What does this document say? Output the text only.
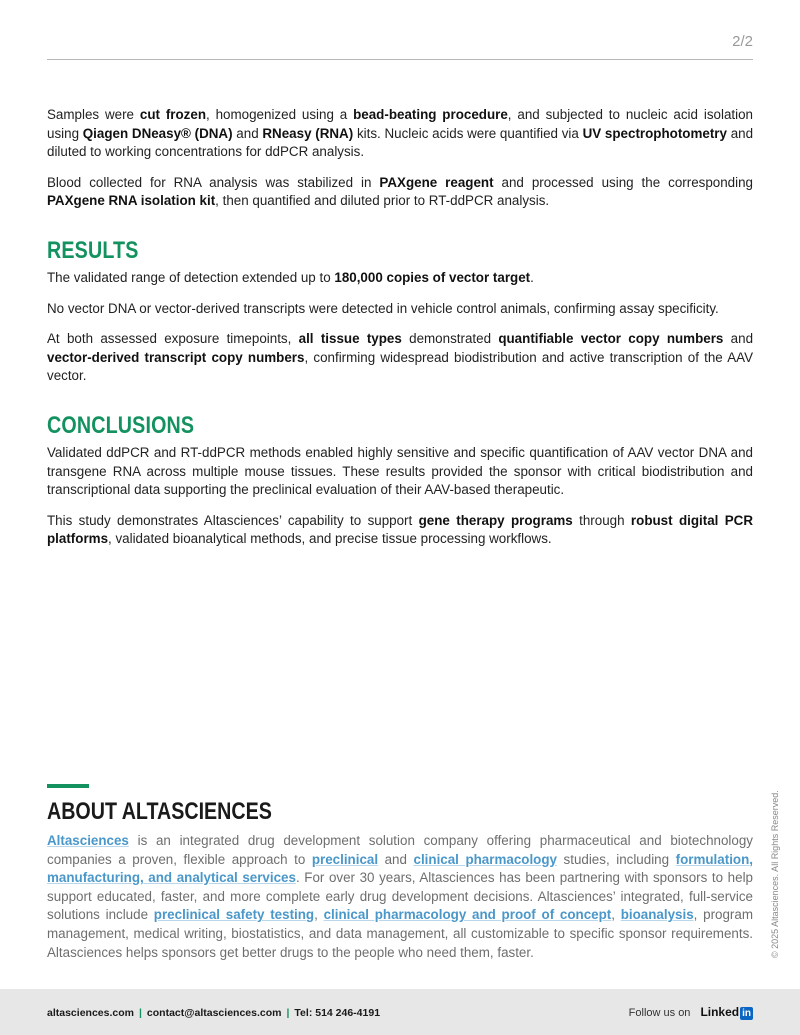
2/2

Samples were cut frozen, homogenized using a bead-beating procedure, and subjected to nucleic acid isolation using Qiagen DNeasy® (DNA) and RNeasy (RNA) kits. Nucleic acids were quantified via UV spectrophotometry and diluted to working concentrations for ddPCR analysis.

Blood collected for RNA analysis was stabilized in PAXgene reagent and processed using the corresponding PAXgene RNA isolation kit, then quantified and diluted prior to RT-ddPCR analysis.

RESULTS

The validated range of detection extended up to 180,000 copies of vector target.

No vector DNA or vector-derived transcripts were detected in vehicle control animals, confirming assay specificity.

At both assessed exposure timepoints, all tissue types demonstrated quantifiable vector copy numbers and vector-derived transcript copy numbers, confirming widespread biodistribution and active transcription of the AAV vector.

CONCLUSIONS

Validated ddPCR and RT-ddPCR methods enabled highly sensitive and specific quantification of AAV vector DNA and transgene RNA across multiple mouse tissues. These results provided the sponsor with critical biodistribution and transcriptional data supporting the preclinical evaluation of their AAV-based therapeutic.

This study demonstrates Altasciences’ capability to support gene therapy programs through robust digital PCR platforms, validated bioanalytical methods, and precise tissue processing workflows.

ABOUT ALTASCIENCES

Altasciences is an integrated drug development solution company offering pharmaceutical and biotechnology companies a proven, flexible approach to preclinical and clinical pharmacology studies, including formulation, manufacturing, and analytical services. For over 30 years, Altasciences has been partnering with sponsors to help support educated, faster, and more complete early drug development decisions. Altasciences’ integrated, full-service solutions include preclinical safety testing, clinical pharmacology and proof of concept, bioanalysis, program management, medical writing, biostatistics, and data management, all customizable to specific sponsor requirements. Altasciences helps sponsors get better drugs to the people who need them, faster.	© 2025 Altasciences. All Rights Reserved.
altasciences.com | contact@altasciences.com | Tel: 514 246-4191	Follow us on Linked in
